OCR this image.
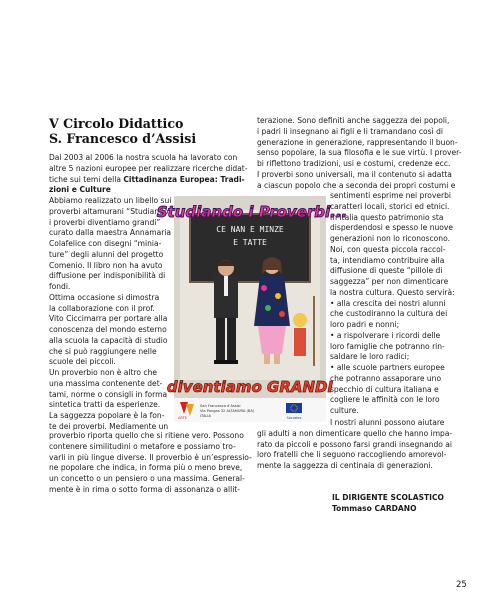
V Circolo Didattico
S. Francesco d’Assisi
Dal 2003 al 2006 la nostra scuola ha lavorato con
altre 5 nazioni europee per realizzare ricerche didat-
tiche sui temi della Cittadinanza Europea: Tradi-
zioni e Culture
Abbiamo realizzato un libello sui
proverbi altamurani “Studiando
i proverbi diventiamo grandi”
curato dalla maestra Annamaria
Colafelice con disegni “minia-
ture” degli alunni del progetto
Comenio. Il libro non ha avuto
diffusione per indisponibilità di
fondi.
Ottima occasione si dimostra
la collaborazione con il prof.
Vito Ciccimarra per portare alla
conoscenza del mondo esterno
alla scuola la capacità di studio
che si può raggiungere nelle
scuole dei piccoli.
Un proverbio non è altro che
una massima contenente det-
tami, norme o consigli in forma
sintetica tratti da esperienze.
La saggezza popolare è la fon-
te dei proverbi. Mediamente un
proverbio riporta quello che si ritiene vero. Possono
contenere similitudini o metafore e possiamo tro-
varli in più lingue diverse. Il proverbio è un’espressio-
ne popolare che indica, in forma più o meno breve,
un concetto o un pensiero o una massima. General-
mente è in rima o sotto forma di assonanza o allit-
terazione. Sono definiti anche saggezza dei popoli,
i padri li insegnano ai figli e li tramandano così di
generazione in generazione, rappresentando il buon-
senso popolare, la sua filosofia e le sue virtù. I prover-
bi riflettono tradizioni, usi e costumi, credenze ecc.
I proverbi sono universali, ma il contenuto si adatta
a ciascun popolo che a seconda dei propri costumi e
sentimenti esprime nei proverbi
caratteri locali, storici ed etnici.
In Italia questo patrimonio sta
disperdendosi e spesso le nuove
generazioni non lo riconoscono.
Noi, con questa piccola raccol-
ta, intendiamo contribuire alla
diffusione di queste “pillole di
saggezza” per non dimenticare
la nostra cultura. Questo servirà:
• alla crescita dei nostri alunni
che custodiranno la cultura dei
loro padri e nonni;
• a rispolverare i ricordi delle
loro famiglie che potranno rin-
saldare le loro radici;
• alle scuole partners europee
che potranno assaporare uno
specchio di cultura italiana e
cogliere le affinità con le loro
culture.
I nostri alunni possono aiutare
gli adulti a non dimenticare quello che hanno impa-
rato da piccoli e possono farsi grandi insegnando ai
loro fratelli che li seguono raccogliendo amorevol-
mente la saggezza di centinaia di generazioni.
IL DIRIGENTE SCOLASTICO
Tommaso CARDANO
25
CE NAN E MINZE
E TATTE
Studiando i Proverbi...
diventiamo GRANDI
ARTE
San Francesco d’Assisi
Via Pongas 32 ALTAMURA (BA)
ITALIA	Socrates
